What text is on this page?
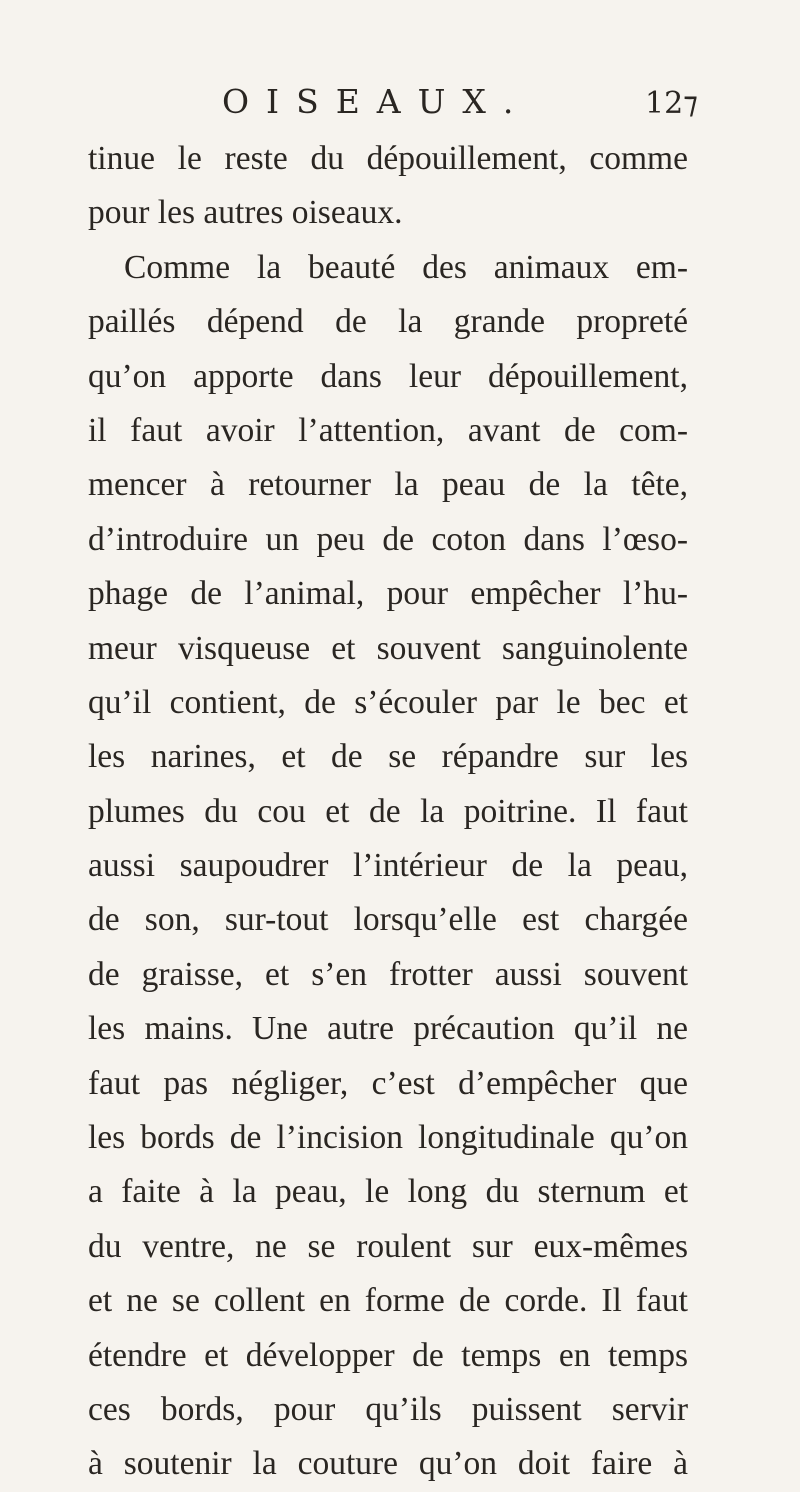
OISEAUX.	12⁊
tinue le reste du dépouillement, comme
pour les autres oiseaux.
Comme la beauté des animaux em-
paillés dépend de la grande propreté
qu’on apporte dans leur dépouillement,
il faut avoir l’attention, avant de com-
mencer à retourner la peau de la tête,
d’introduire un peu de coton dans l’œso-
phage de l’animal, pour empêcher l’hu-
meur visqueuse et souvent sanguinolente
qu’il contient, de s’écouler par le bec et
les narines, et de se répandre sur les
plumes du cou et de la poitrine. Il faut
aussi saupoudrer l’intérieur de la peau,
de son, sur-tout lorsqu’elle est chargée
de graisse, et s’en frotter aussi souvent
les mains. Une autre précaution qu’il ne
faut pas négliger, c’est d’empêcher que
les bords de l’incision longitudinale qu’on
a faite à la peau, le long du sternum et
du ventre, ne se roulent sur eux-mêmes
et ne se collent en forme de corde. Il faut
étendre et développer de temps en temps
ces bords, pour qu’ils puissent servir
à soutenir la couture qu’on doit faire à
